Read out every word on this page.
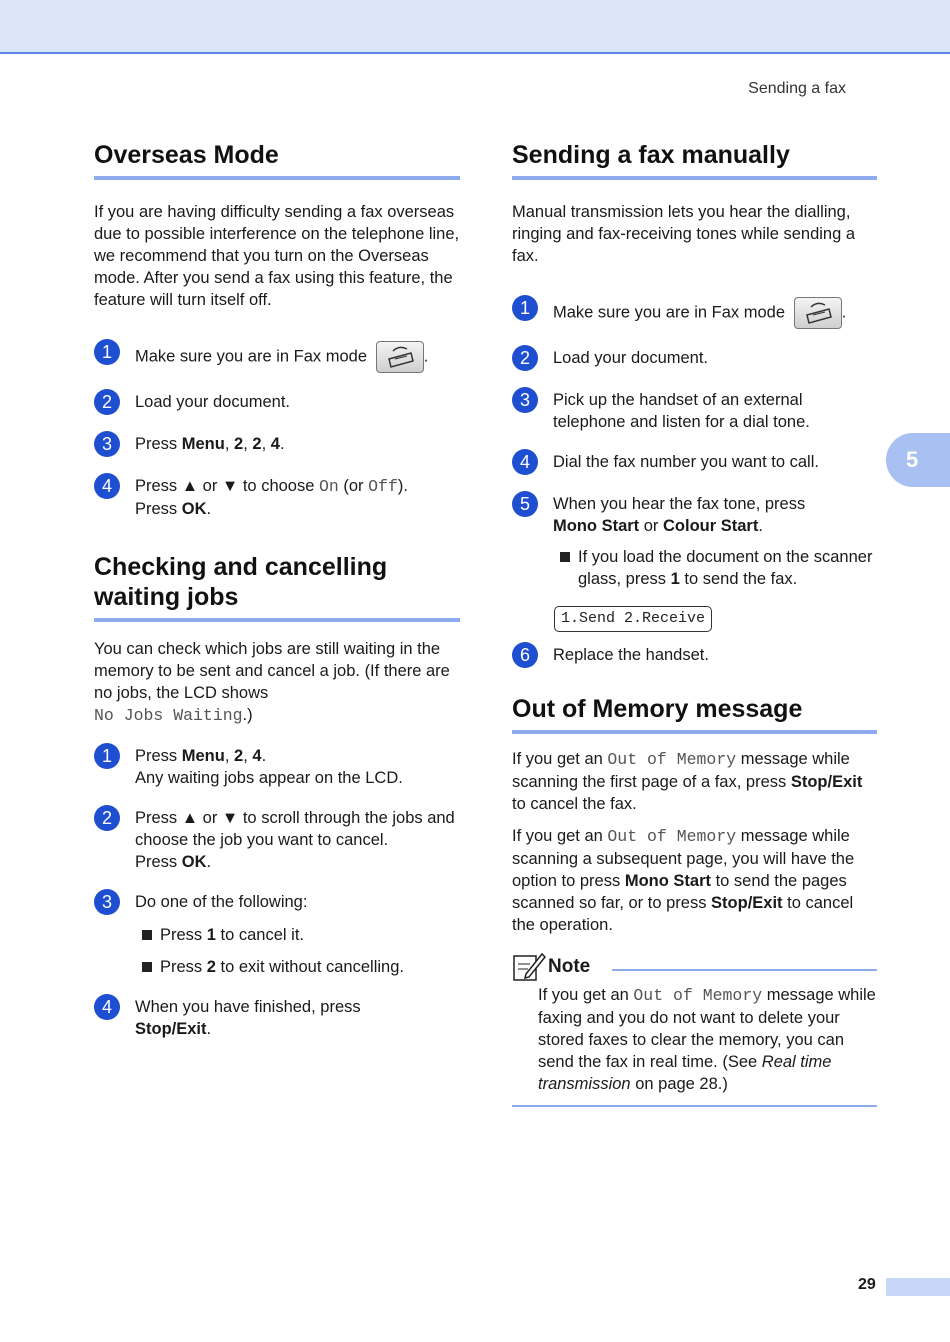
Sending a fax
5
Overseas Mode

If you are having difficulty sending a fax overseas due to possible interference on the telephone line, we recommend that you turn on the Overseas mode. After you send a fax using this feature, the feature will turn itself off.

1	Make sure you are in Fax mode	.
2	Load your document.
3	Press Menu, 2, 2, 4.
4	Press ▲ or ▼ to choose On (or Off).
Press OK.
Checking and cancelling
waiting jobs

You can check which jobs are still waiting in the memory to be sent and cancel a job. (If there are no jobs, the LCD shows
No Jobs Waiting.)

1	Press Menu, 2, 4.
Any waiting jobs appear on the LCD.
2	Press ▲ or ▼ to scroll through the jobs and choose the job you want to cancel.
Press OK.
3	Do one of the following:
Press 1 to cancel it.
Press 2 to exit without cancelling.
4	When you have finished, press
Stop/Exit.
Sending a fax manually

Manual transmission lets you hear the dialling, ringing and fax-receiving tones while sending a fax.

1	Make sure you are in Fax mode	.
2	Load your document.
3	Pick up the handset of an external telephone and listen for a dial tone.
4	Dial the fax number you want to call.
5	When you hear the fax tone, press
Mono Start or Colour Start.
If you load the document on the scanner glass, press 1 to send the fax.
1.Send 2.Receive
6	Replace the handset.
Out of Memory message

If you get an Out of Memory message while scanning the first page of a fax, press Stop/Exit to cancel the fax.

If you get an Out of Memory message while scanning a subsequent page, you will have the option to press Mono Start to send the pages scanned so far, or to press Stop/Exit to cancel the operation.

Note

If you get an Out of Memory message while faxing and you do not want to delete your stored faxes to clear the memory, you can send the fax in real time. (See Real time transmission on page 28.)

29
